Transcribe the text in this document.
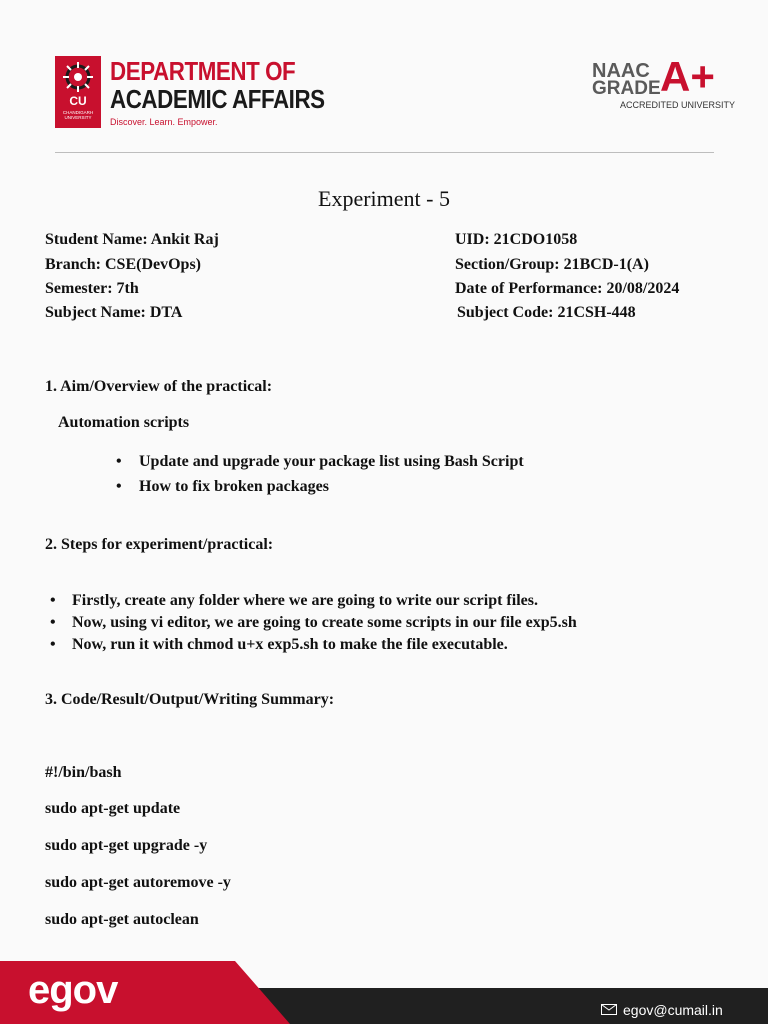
CU
CHANDIGARH UNIVERSITY
DEPARTMENT OF
ACADEMIC AFFAIRS
Discover. Learn. Empower.
NAAC
GRADE A+
ACCREDITED UNIVERSITY
Experiment - 5
Student Name: Ankit Raj	UID: 21CDO1058
Branch: CSE(DevOps)	Section/Group: 21BCD-1(A)
Semester: 7th	Date of Performance: 20/08/2024
Subject Name: DTA	Subject Code: 21CSH-448
1. Aim/Overview of the practical:
Automation scripts
• Update and upgrade your package list using Bash Script
• How to fix broken packages
2. Steps for experiment/practical:
• Firstly, create any folder where we are going to write our script files.
• Now, using vi editor, we are going to create some scripts in our file exp5.sh
• Now, run it with chmod u+x exp5.sh to make the file executable.
3. Code/Result/Output/Writing Summary:
#!/bin/bash
sudo apt-get update
sudo apt-get upgrade -y
sudo apt-get autoremove -y
sudo apt-get autoclean
egov	egov@cumail.in
